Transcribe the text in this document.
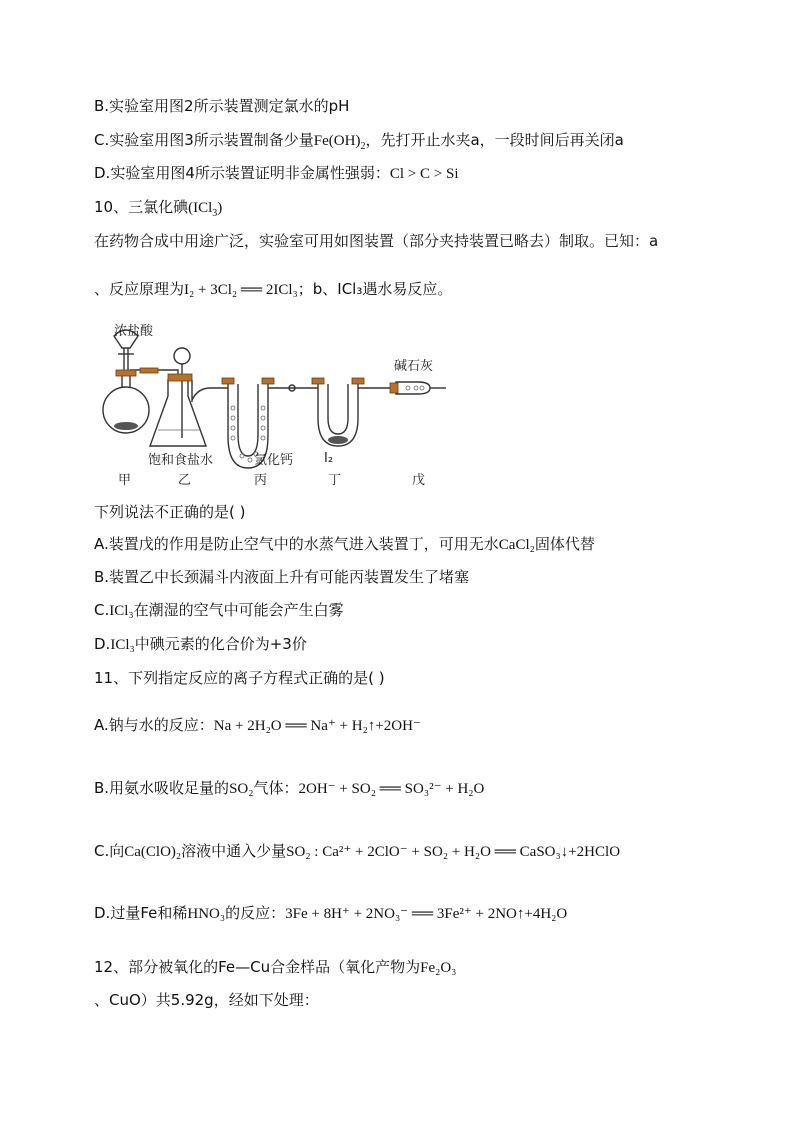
B.实验室用图2所示装置测定氯水的pH
C.实验室用图3所示装置制备少量$Fe(OH)_2$，先打开止水夹a，一段时间后再关闭a
D.实验室用图4所示装置证明非金属性强弱：Cl > C > Si
10、三氯化碘(ICl$_3$)
在药物合成中用途广泛，实验室可用如图装置（部分夹持装置已略去）制取。已知：a
、反应原理为I₂ + 3Cl₂ ══ 2ICl₃；b、ICl₃遇水易反应。
浓盐酸
碱石灰
饱和食盐水	氯化钙 I₂
甲	乙	丙	丁	戊
下列说法不正确的是( )
A.装置戊的作用是防止空气中的水蒸气进入装置丁，可用无水CaCl₂固体代替
B.装置乙中长颈漏斗内液面上升有可能丙装置发生了堵塞
C.ICl₃在潮湿的空气中可能会产生白雾
D.ICl₃中碘元素的化合价为+3价
11、下列指定反应的离子方程式正确的是( )
A.钠与水的反应：Na + 2H₂O ══ Na⁺ + H₂↑+2OH⁻
B.用氨水吸收足量的SO₂气体：2OH⁻ + SO₂ ══ SO₃²⁻ + H₂O
C.向Ca(ClO)₂溶液中通入少量SO₂ : Ca²⁺ + 2ClO⁻ + SO₂ + H₂O ══ CaSO₃↓+2HClO
D.过量Fe和稀HNO₃的反应：3Fe + 8H⁺ + 2NO₃⁻ ══ 3Fe²⁺ + 2NO↑+4H₂O
12、部分被氧化的Fe—Cu合金样品（氧化产物为Fe₂O₃
、CuO）共5.92g，经如下处理：
